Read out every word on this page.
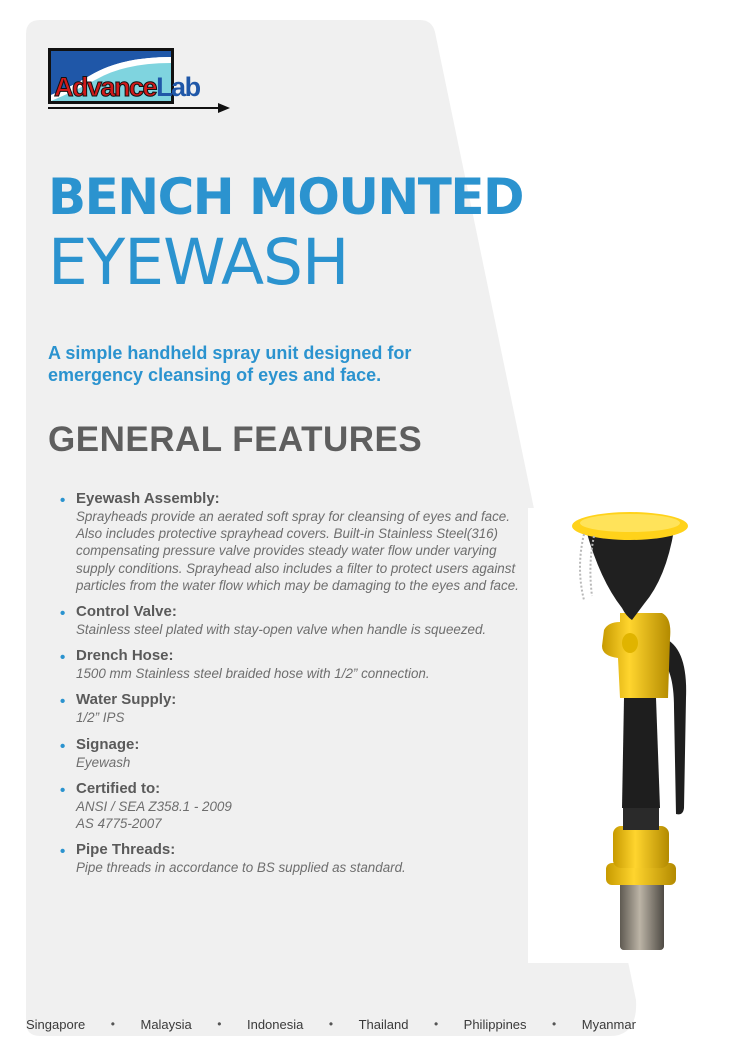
AdvanceLab
BENCH MOUNTED
EYEWASH
A simple handheld spray unit designed for emergency cleansing of eyes and face.
GENERAL FEATURES
• Eyewash Assembly:
Sprayheads provide an aerated soft spray for cleansing of eyes and face. Also includes protective sprayhead covers. Built-in Stainless Steel(316) compensating pressure valve provides steady water flow under varying supply conditions. Sprayhead also includes a filter to protect users against particles from the water flow which may be damaging to the eyes and face.
• Control Valve:
Stainless steel plated with stay-open valve when handle is squeezed.
• Drench Hose:
1500 mm Stainless steel braided hose with 1/2” connection.
• Water Supply:
1/2” IPS
• Signage:
Eyewash
• Certified to:
ANSI / SEA Z358.1 - 2009
AS 4775-2007
• Pipe Threads:
Pipe threads in accordance to BS supplied as standard.
Singapore • Malaysia • Indonesia • Thailand • Philippines • Myanmar
